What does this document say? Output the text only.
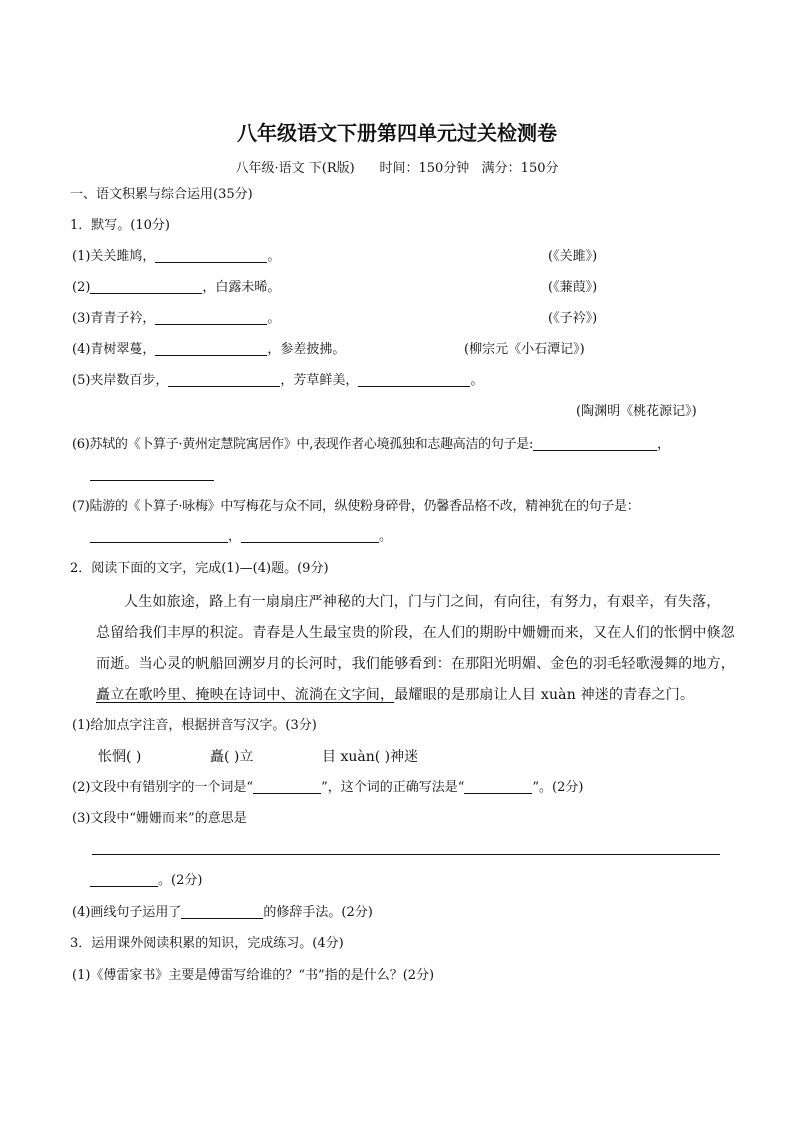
八年级语文下册第四单元过关检测卷
八年级·语文 下(R版)      时间：150分钟   满分：150分
一、语文积累与综合运用(35分)
1．默写。(10分)
(1)关关雎鸠，	。	(《关雎》)
(2)	，白露未晞。	(《蒹葭》)
(3)青青子衿，	。	(《子衿》)
(4)青树翠蔓，	，参差披拂。	(柳宗元《小石潭记》)
(5)夹岸数百步，	，芳草鲜美，	。
(陶渊明《桃花源记》)
(6)苏轼的《卜算子·黄州定慧院寓居作》中,表现作者心境孤独和志趣高洁的句子是:	，
(7)陆游的《卜算子·咏梅》中写梅花与众不同，纵使粉身碎骨，仍馨香品格不改，精神犹在的句子是：
，	。
2．阅读下面的文字，完成(1)—(4)题。(9分)
人生如旅途，路上有一扇扇庄严神秘的大门，门与门之间，有向往，有努力，有艰辛，有失落，
总留给我们丰厚的积淀。青春是人生最宝贵的阶段，在人们的期盼中姗姗而来，又在人们的怅惘中倏忽
而逝。当心灵的帆船回溯岁月的长河时，我们能够看到：在那阳光明媚、金色的羽毛轻歌漫舞的地方，
矗立在歌吟里、掩映在诗词中、流淌在文字间，最耀眼的是那扇让人目 xuàn 神迷的青春之门。
(1)给加点字注音，根据拼音写汉字。(3分)
怅惘( )	矗( )立	目 xuàn( )神迷
(2)文段中有错别字的一个词是“	”，这个词的正确写法是“	”。(2分)
(3)文段中“姗姗而来”的意思是
。(2分)
(4)画线句子运用了	的修辞手法。(2分)
3．运用课外阅读积累的知识，完成练习。(4分)
(1)《傅雷家书》主要是傅雷写给谁的？“书”指的是什么？(2分)
